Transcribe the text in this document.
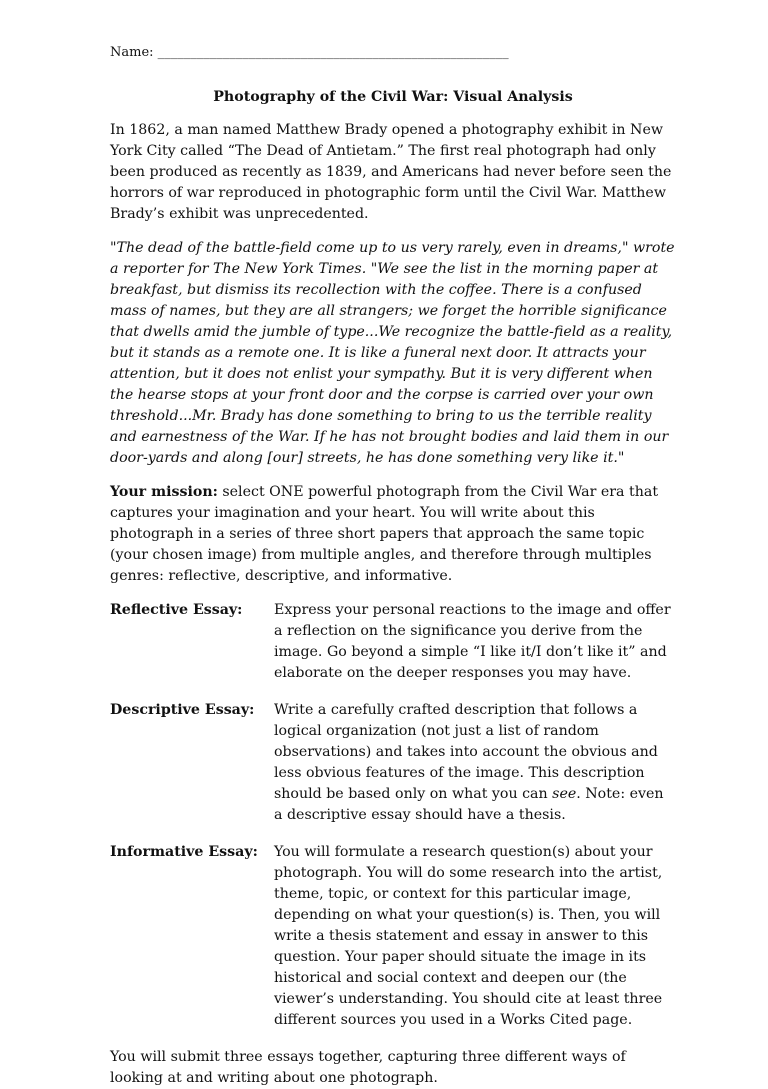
Name: ______________________________________________________
Photography of the Civil War: Visual Analysis

In 1862, a man named Matthew Brady opened a photography exhibit in New York City called “The Dead of Antietam.” The first real photograph had only been produced as recently as 1839, and Americans had never before seen the horrors of war reproduced in photographic form until the Civil War. Matthew Brady’s exhibit was unprecedented.

"The dead of the battle-field come up to us very rarely, even in dreams," wrote a reporter for The New York Times. "We see the list in the morning paper at breakfast, but dismiss its recollection with the coffee. There is a confused mass of names, but they are all strangers; we forget the horrible significance that dwells amid the jumble of type...We recognize the battle-field as a reality, but it stands as a remote one. It is like a funeral next door. It attracts your attention, but it does not enlist your sympathy. But it is very different when the hearse stops at your front door and the corpse is carried over your own threshold...Mr. Brady has done something to bring to us the terrible reality and earnestness of the War. If he has not brought bodies and laid them in our door-yards and along [our] streets, he has done something very like it."

Your mission: select ONE powerful photograph from the Civil War era that captures your imagination and your heart. You will write about this photograph in a series of three short papers that approach the same topic (your chosen image) from multiple angles, and therefore through multiples genres: reflective, descriptive, and informative.

Reflective Essay:	Express your personal reactions to the image and offer a reflection on the significance you derive from the image. Go beyond a simple “I like it/I don’t like it” and elaborate on the deeper responses you may have.
Descriptive Essay:	Write a carefully crafted description that follows a logical organization (not just a list of random observations) and takes into account the obvious and less obvious features of the image. This description should be based only on what you can see. Note: even a descriptive essay should have a thesis.
Informative Essay:	You will formulate a research question(s) about your photograph. You will do some research into the artist, theme, topic, or context for this particular image, depending on what your question(s) is. Then, you will write a thesis statement and essay in answer to this question. Your paper should situate the image in its historical and social context and deepen our (the viewer’s understanding. You should cite at least three different sources you used in a Works Cited page.

You will submit three essays together, capturing three different ways of looking at and writing about one photograph.
